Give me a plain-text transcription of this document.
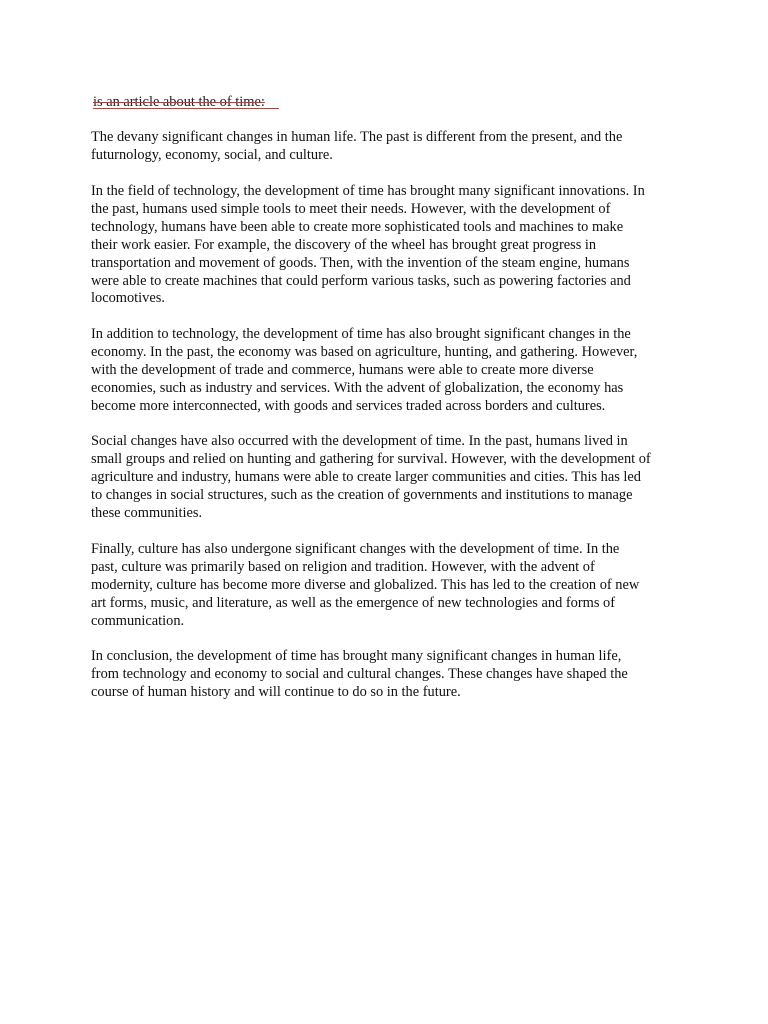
is an article about the of time:

The devany significant changes in human life. The past is different from the present, and the
futurnology, economy, social, and culture.

In the field of technology, the development of time has brought many significant innovations. In
the past, humans used simple tools to meet their needs. However, with the development of
technology, humans have been able to create more sophisticated tools and machines to make
their work easier. For example, the discovery of the wheel has brought great progress in
transportation and movement of goods. Then, with the invention of the steam engine, humans
were able to create machines that could perform various tasks, such as powering factories and
locomotives.

In addition to technology, the development of time has also brought significant changes in the
economy. In the past, the economy was based on agriculture, hunting, and gathering. However,
with the development of trade and commerce, humans were able to create more diverse
economies, such as industry and services. With the advent of globalization, the economy has
become more interconnected, with goods and services traded across borders and cultures.

Social changes have also occurred with the development of time. In the past, humans lived in
small groups and relied on hunting and gathering for survival. However, with the development of
agriculture and industry, humans were able to create larger communities and cities. This has led
to changes in social structures, such as the creation of governments and institutions to manage
these communities.

Finally, culture has also undergone significant changes with the development of time. In the
past, culture was primarily based on religion and tradition. However, with the advent of
modernity, culture has become more diverse and globalized. This has led to the creation of new
art forms, music, and literature, as well as the emergence of new technologies and forms of
communication.

In conclusion, the development of time has brought many significant changes in human life,
from technology and economy to social and cultural changes. These changes have shaped the
course of human history and will continue to do so in the future.
